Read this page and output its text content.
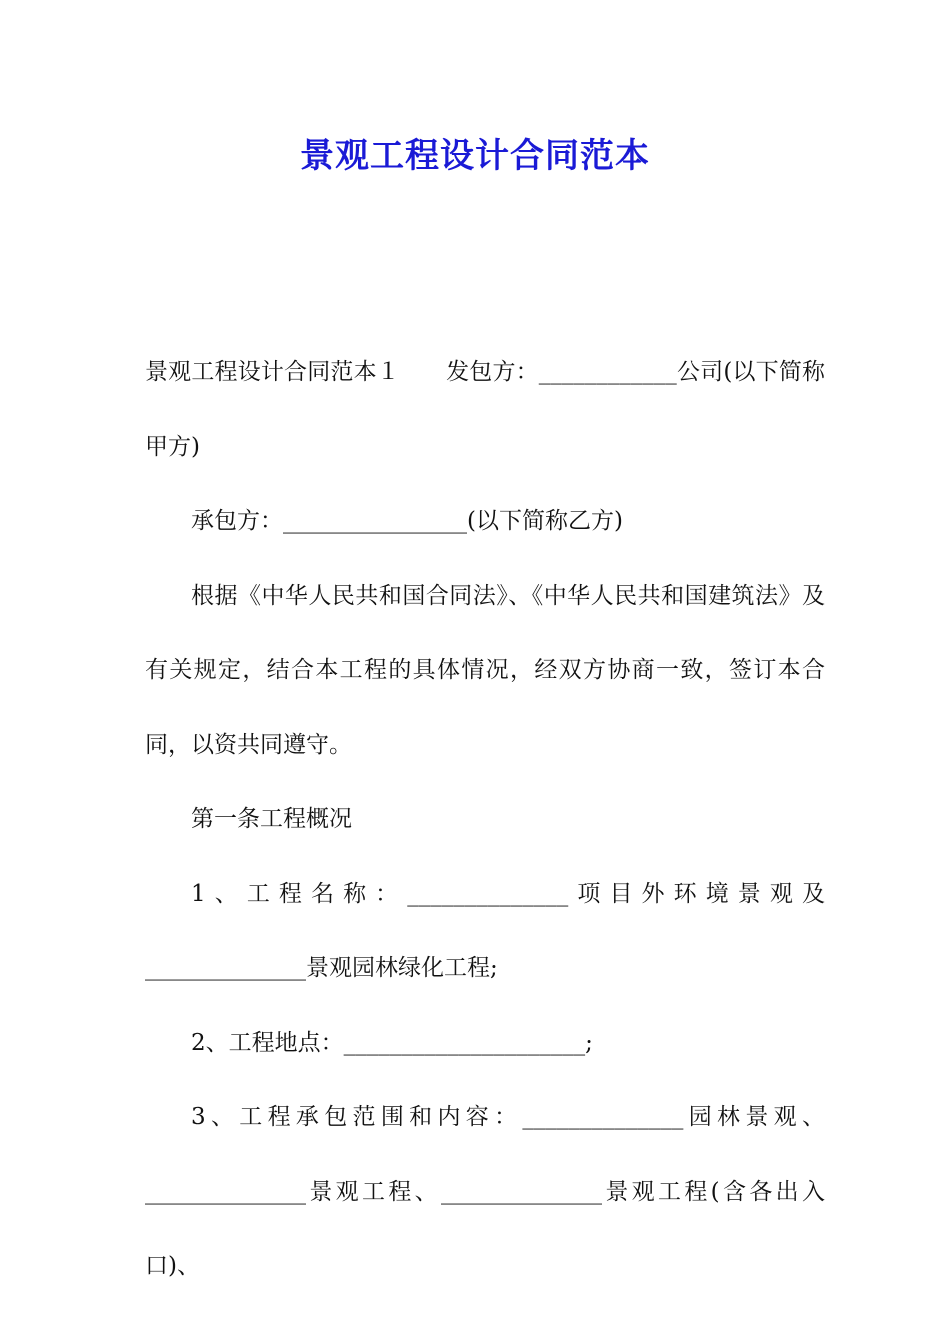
景观工程设计合同范本

景观工程设计合同范本１ 发包方：____________公司(以下简称甲方)

承包方：________________(以下简称乙方)

根据《中华人民共和国合同法》、《中华人民共和国建筑法》及有关规定，结合本工程的具体情况，经双方协商一致，签订本合同，以资共同遵守。

第一条工程概况

1、工程名称：______________项目外环境景观及______________景观园林绿化工程;

2、工程地点：_____________________;

3、工程承包范围和内容：______________园林景观、______________景观工程、______________景观工程(含各出入口)、
